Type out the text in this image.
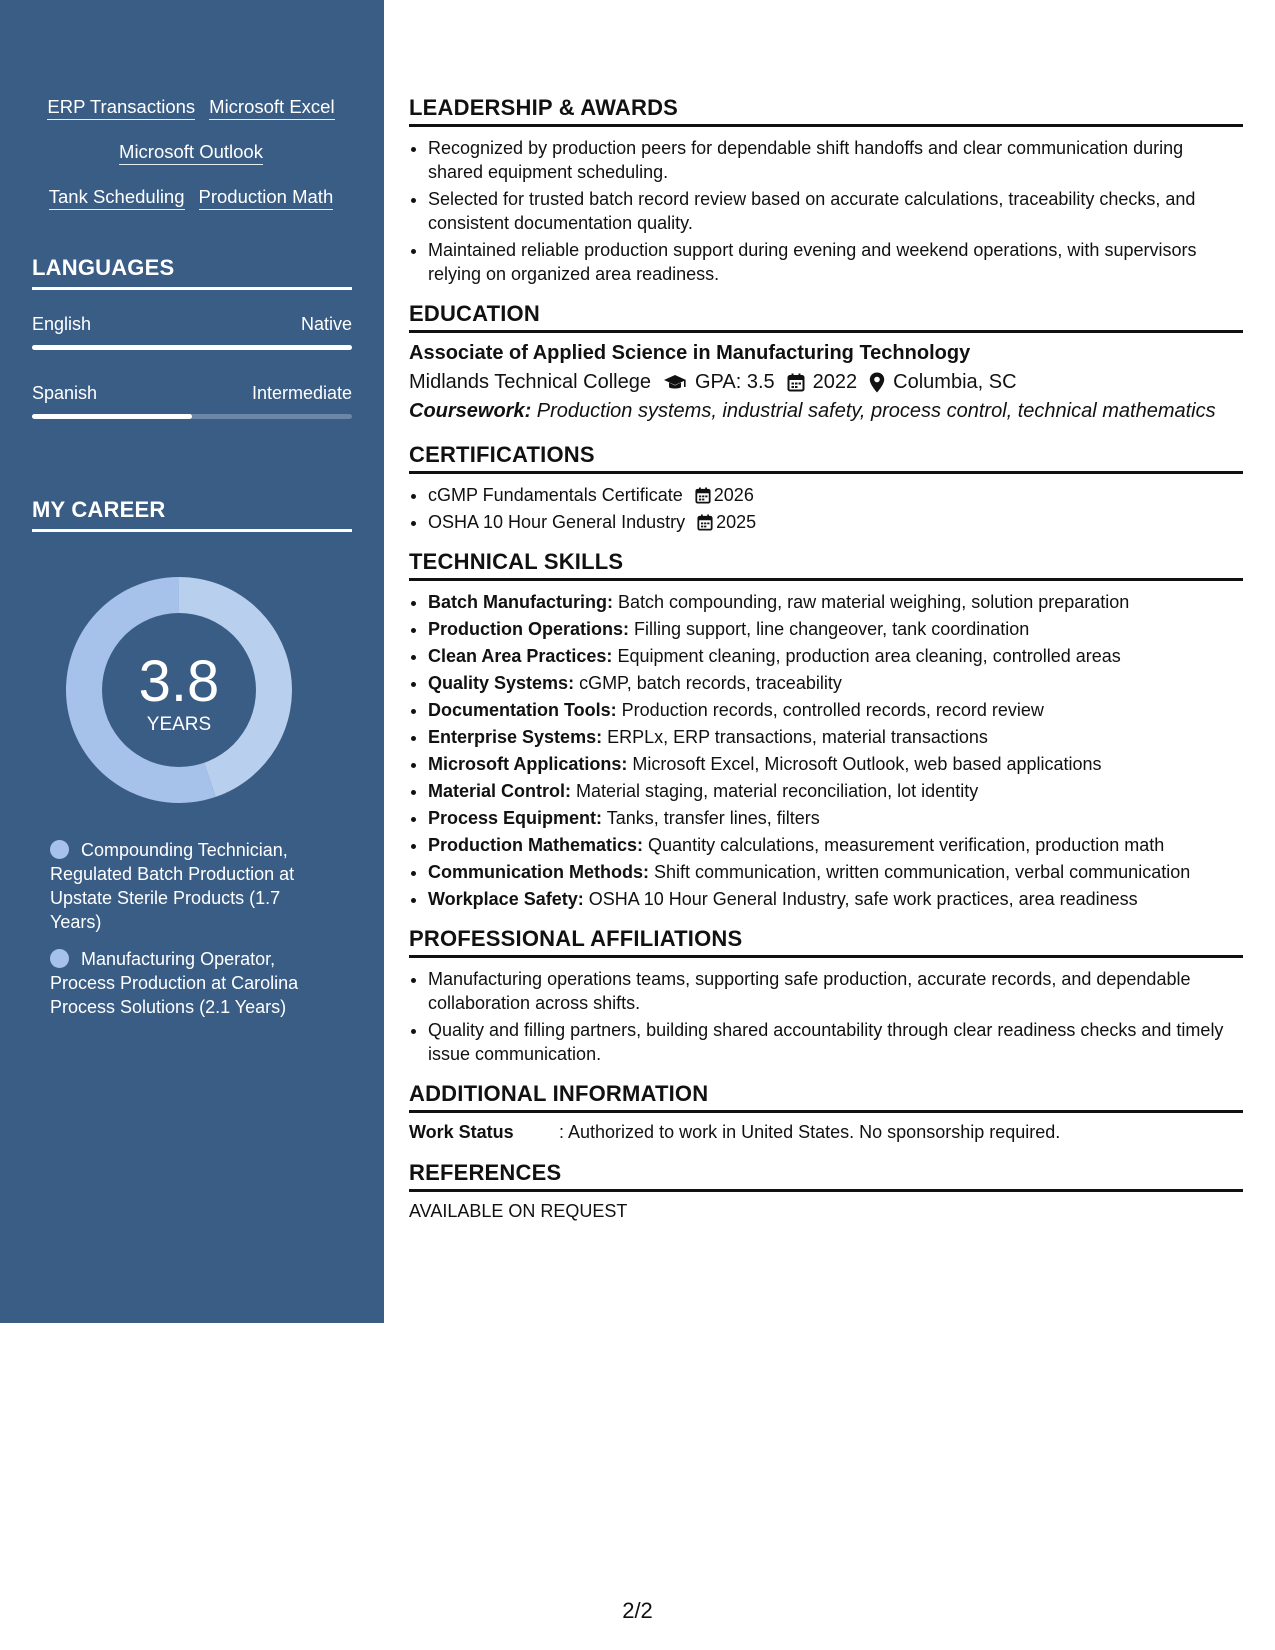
ERP Transactions Microsoft Excel
Microsoft Outlook
Tank Scheduling Production Math
LANGUAGES
English	Native
Spanish	Intermediate
MY CAREER
3.8
YEARS
Compounding Technician, Regulated Batch Production at Upstate Sterile Products (1.7 Years)
Manufacturing Operator, Process Production at Carolina Process Solutions (2.1 Years)
LEADERSHIP & AWARDS
• Recognized by production peers for dependable shift handoffs and clear communication during shared equipment scheduling.
• Selected for trusted batch record review based on accurate calculations, traceability checks, and consistent documentation quality.
• Maintained reliable production support during evening and weekend operations, with supervisors relying on organized area readiness.
EDUCATION
Associate of Applied Science in Manufacturing Technology
Midlands Technical College GPA: 3.5 2022 Columbia, SC
Coursework: Production systems, industrial safety, process control, technical mathematics
CERTIFICATIONS
• cGMP Fundamentals Certificate 2026
• OSHA 10 Hour General Industry 2025
TECHNICAL SKILLS
• Batch Manufacturing: Batch compounding, raw material weighing, solution preparation
• Production Operations: Filling support, line changeover, tank coordination
• Clean Area Practices: Equipment cleaning, production area cleaning, controlled areas
• Quality Systems: cGMP, batch records, traceability
• Documentation Tools: Production records, controlled records, record review
• Enterprise Systems: ERPLx, ERP transactions, material transactions
• Microsoft Applications: Microsoft Excel, Microsoft Outlook, web based applications
• Material Control: Material staging, material reconciliation, lot identity
• Process Equipment: Tanks, transfer lines, filters
• Production Mathematics: Quantity calculations, measurement verification, production math
• Communication Methods: Shift communication, written communication, verbal communication
• Workplace Safety: OSHA 10 Hour General Industry, safe work practices, area readiness
PROFESSIONAL AFFILIATIONS
• Manufacturing operations teams, supporting safe production, accurate records, and dependable collaboration across shifts.
• Quality and filling partners, building shared accountability through clear readiness checks and timely issue communication.
ADDITIONAL INFORMATION
Work Status	: Authorized to work in United States. No sponsorship required.
REFERENCES
AVAILABLE ON REQUEST
2/2
